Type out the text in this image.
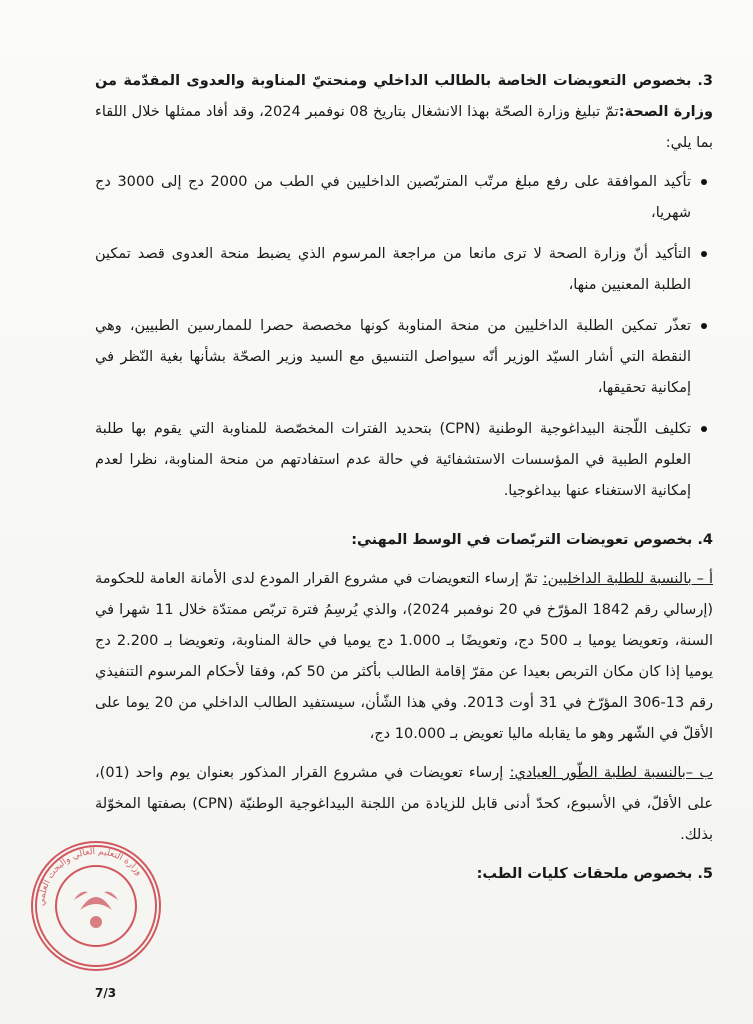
3. بخصوص التعويضات الخاصة بالطالب الداخلي ومنحتيّ المناوبة والعدوى المقدّمة من وزارة الصحة:تمّ تبليغ وزارة الصحّة بهذا الانشغال بتاريخ 08 نوفمبر 2024، وقد أفاد ممثلها خلال اللقاء بما يلي:

تأكيد الموافقة على رفع مبلغ مرتّب المتربّصين الداخليين في الطب من 2000 دج إلى 3000 دج شهريا،
التأكيد أنّ وزارة الصحة لا ترى مانعا من مراجعة المرسوم الذي يضبط منحة العدوى قصد تمكين الطلبة المعنيين منها،
تعذّر تمكين الطلبة الداخليين من منحة المناوبة كونها مخصصة حصرا للممارسين الطبيين، وهي النقطة التي أشار السيّد الوزير أنّه سيواصل التنسيق مع السيد وزير الصحّة بشأنها بغية النّظر في إمكانية تحقيقها،
تكليف اللّجنة البيداغوجية الوطنية (CPN) بتحديد الفترات المخصّصة للمناوبة التي يقوم بها طلبة العلوم الطبية في المؤسسات الاستشفائية في حالة عدم استفادتهم من منحة المناوبة، نظرا لعدم إمكانية الاستغناء عنها بيداغوجيا.

4. بخصوص تعويضات التربّصات في الوسط المهني:

أ – بالنسبة للطلبة الداخليين: تمّ إرساء التعويضات في مشروع القرار المودع لدى الأمانة العامة للحكومة (إرسالي رقم 1842 المؤرّخ في 20 نوفمبر 2024)، والذي يُرسِمُ فترة تربّص ممتدّة خلال 11 شهرا في السنة، وتعويضا يوميا بـ 500 دج، وتعويضًا بـ 1.000 دج يوميا في حالة المناوبة، وتعويضا بـ 2.200 دج يوميا إذا كان مكان التربص بعيدا عن مقرّ إقامة الطالب بأكثر من 50 كم، وفقا لأحكام المرسوم التنفيذي رقم 13-306 المؤرّخ في 31 أوت 2013. وفي هذا الشّأن، سيستفيد الطالب الداخلي من 20 يوما على الأقلّ في الشّهر وهو ما يقابله ماليا تعويض بـ 10.000 دج،

ب –بالنسبة لطلبة الطّور العيادي: إرساء تعويضات في مشروع القرار المذكور بعنوان يوم واحد (01)، على الأقلّ، في الأسبوع، كحدّ أدنى قابل للزيادة من اللجنة البيداغوجية الوطنيّة (CPN) بصفتها المخوّلة بذلك.

5. بخصوص ملحقات كليات الطب:

وزارة التعليم العالي والبحث العلمي
7/3
